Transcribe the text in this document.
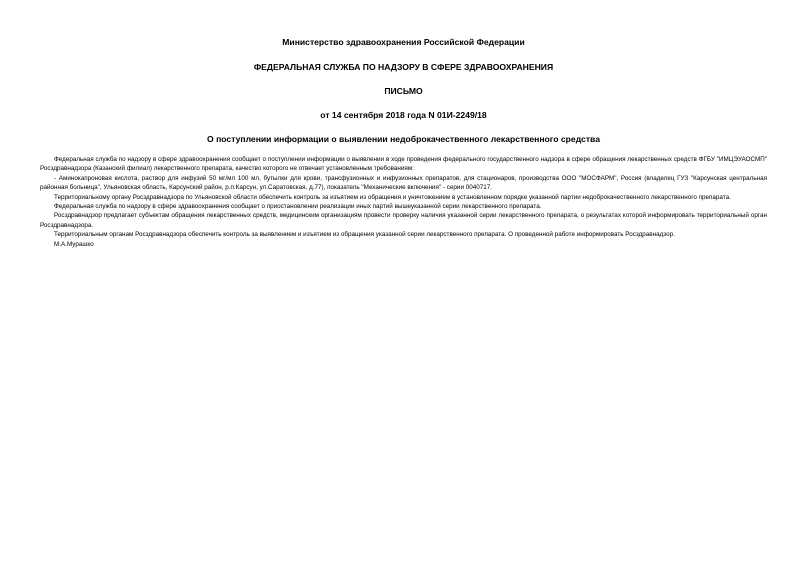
Министерство здравоохранения Российской Федерации

ФЕДЕРАЛЬНАЯ СЛУЖБА ПО НАДЗОРУ В СФЕРЕ ЗДРАВООХРАНЕНИЯ

ПИСЬМО

от 14 сентября 2018 года N 01И-2249/18

О поступлении информации о выявлении недоброкачественного лекарственного средства

Федеральная служба по надзору в сфере здравоохранения сообщает о поступлении информации о выявлении в ходе проведения федерального государственного надзора в сфере обращения лекарственных средств ФГБУ "ИМЦЭУАОСМП" Росздравнадзора (Казанский филиал) лекарственного препарата, качество которого не отвечает установленным требованиям:

- Аминокапроновая кислота, раствор для инфузий 50 мг/мл 100 мл, бутылки для крови, трансфузионных и инфузионных препаратов, для стационаров, производства ООО "МОСФАРМ", Россия (владелец ГУЗ "Карсунская центральная районная больница", Ульяновская область, Карсунский район, р.п.Карсун, ул.Саратовская, д.77), показатель "Механические включения" - серии 0040717.

Территориальному органу Росздравнадзора по Ульяновской области обеспечить контроль за изъятием из обращения и уничтожением в установленном порядке указанной партии недоброкачественного лекарственного препарата.

Федеральная служба по надзору в сфере здравоохранения сообщает о приостановлении реализации иных партий вышеуказанной серии лекарственного препарата.

Росздравнадзор предлагает субъектам обращения лекарственных средств, медицинским организациям провести проверку наличия указанной серии лекарственного препарата, о результатах которой информировать территориальный орган Росздравнадзора.

Территориальным органам Росздравнадзора обеспечить контроль за выявлением и изъятием из обращения указанной серии лекарственного препарата. О проведенной работе информировать Росздравнадзор.

М.А.Мурашко
